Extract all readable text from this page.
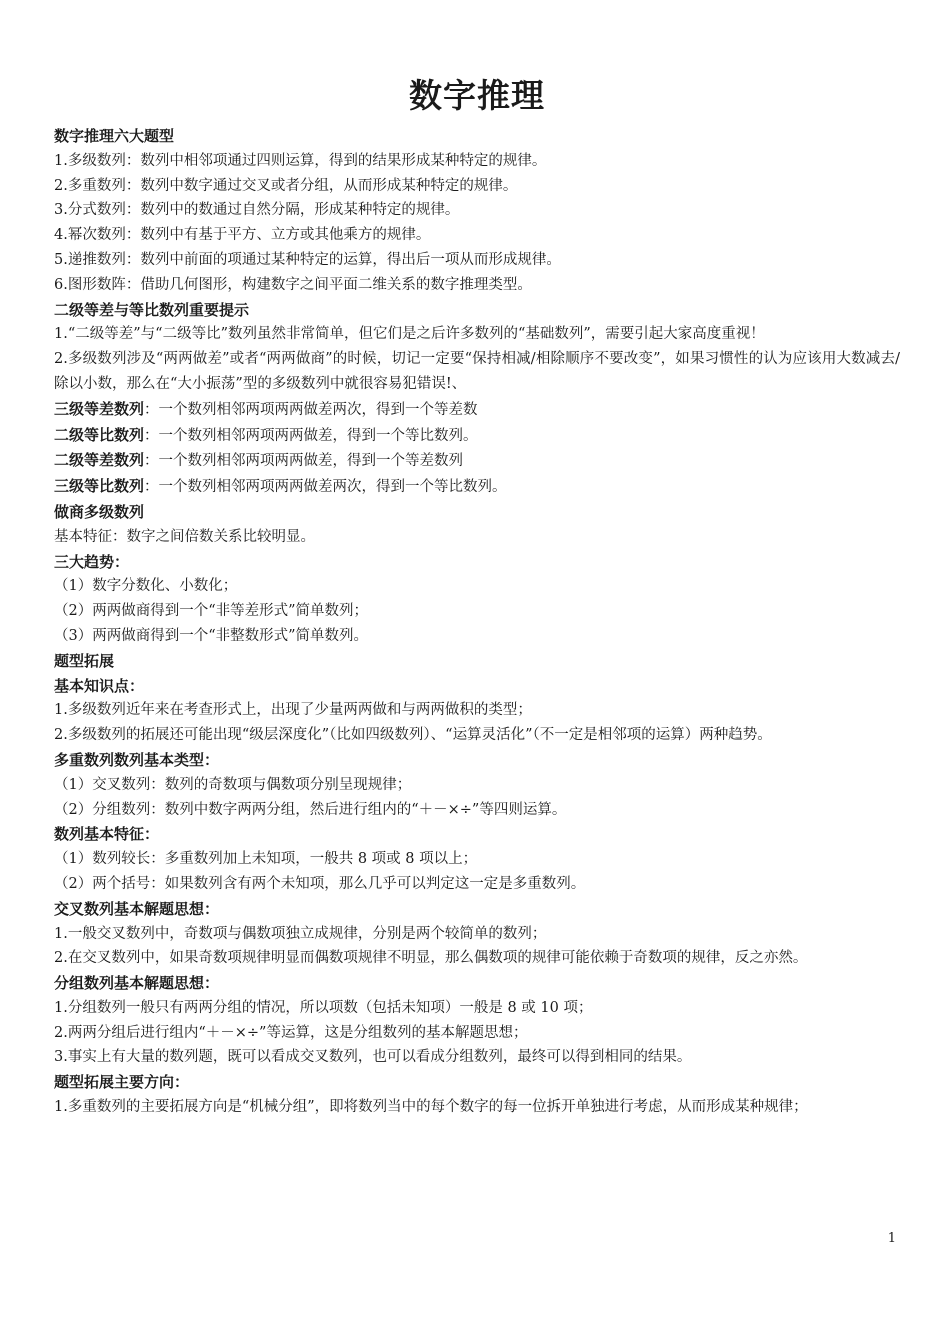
数字推理

数字推理六大题型

1.多级数列：数列中相邻项通过四则运算，得到的结果形成某种特定的规律。

2.多重数列：数列中数字通过交叉或者分组，从而形成某种特定的规律。

3.分式数列：数列中的数通过自然分隔，形成某种特定的规律。

4.幂次数列：数列中有基于平方、立方或其他乘方的规律。

5.递推数列：数列中前面的项通过某种特定的运算，得出后一项从而形成规律。

6.图形数阵：借助几何图形，构建数字之间平面二维关系的数字推理类型。

二级等差与等比数列重要提示

1.“二级等差”与“二级等比”数列虽然非常简单，但它们是之后许多数列的“基础数列”，需要引起大家高度重视！

2.多级数列涉及“两两做差”或者“两两做商”的时候，切记一定要“保持相减/相除顺序不要改变”，如果习惯性的认为应该用大数减去/除以小数，那么在“大小振荡”型的多级数列中就很容易犯错误!、

三级等差数列：一个数列相邻两项两两做差两次，得到一个等差数

二级等比数列：一个数列相邻两项两两做差，得到一个等比数列。

二级等差数列：一个数列相邻两项两两做差，得到一个等差数列

三级等比数列：一个数列相邻两项两两做差两次，得到一个等比数列。

做商多级数列

基本特征：数字之间倍数关系比较明显。

三大趋势：

（1）数字分数化、小数化；

（2）两两做商得到一个“非等差形式”简单数列；

（3）两两做商得到一个“非整数形式”简单数列。

题型拓展

基本知识点：

1.多级数列近年来在考查形式上，出现了少量两两做和与两两做积的类型；

2.多级数列的拓展还可能出现“级层深度化”（比如四级数列）、“运算灵活化”（不一定是相邻项的运算）两种趋势。

多重数列数列基本类型：

（1）交叉数列：数列的奇数项与偶数项分别呈现规律；

（2）分组数列：数列中数字两两分组，然后进行组内的“＋－×÷”等四则运算。

数列基本特征：

（1）数列较长：多重数列加上未知项，一般共 8 项或 8 项以上；

（2）两个括号：如果数列含有两个未知项，那么几乎可以判定这一定是多重数列。

交叉数列基本解题思想：

1.一般交叉数列中，奇数项与偶数项独立成规律，分别是两个较简单的数列；

2.在交叉数列中，如果奇数项规律明显而偶数项规律不明显，那么偶数项的规律可能依赖于奇数项的规律，反之亦然。

分组数列基本解题思想：

1.分组数列一般只有两两分组的情况，所以项数（包括未知项）一般是 8 或 10 项；

2.两两分组后进行组内“＋－×÷”等运算，这是分组数列的基本解题思想；

3.事实上有大量的数列题，既可以看成交叉数列，也可以看成分组数列，最终可以得到相同的结果。

题型拓展主要方向：

1.多重数列的主要拓展方向是“机械分组”，即将数列当中的每个数字的每一位拆开单独进行考虑，从而形成某种规律；

1
